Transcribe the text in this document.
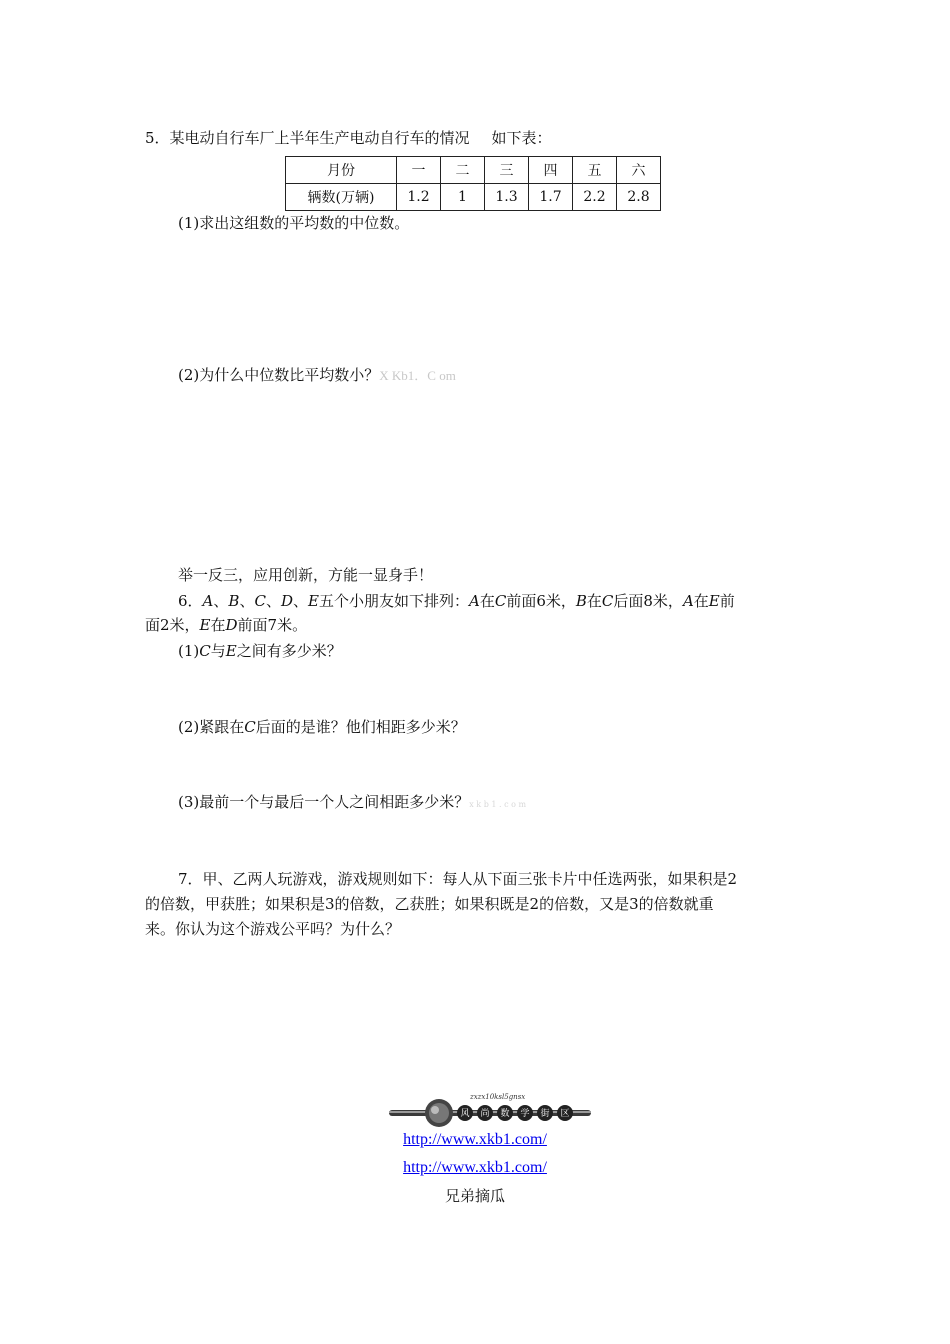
5．某电动自行车厂上半年生产电动自行车的情况 如下表：
月份	一	二	三	四	五	六
辆数(万辆)	1.2	1	1.3	1.7	2.2	2.8
(1)求出这组数的平均数的中位数。
(2)为什么中位数比平均数小？X Kb1．C om
举一反三，应用创新，方能一显身手！
6．A、B、C、D、E五个小朋友如下排列：A在C前面6米，B在C后面8米，A在E前
面2米，E在D前面7米。
(1)C与E之间有多少米？
(2)紧跟在C后面的是谁？他们相距多少米？
(3)最前一个与最后一个人之间相距多少米？x k b 1 . c o m
7．甲、乙两人玩游戏，游戏规则如下：每人从下面三张卡片中任选两张，如果积是2
的倍数，甲获胜；如果积是3的倍数，乙获胜；如果积既是2的倍数，又是3的倍数就重
来。你认为这个游戏公平吗？为什么？
zxzx10ksl5gnsx
风 尚 数 学 街 区
http://www.xkb1.com/
http://www.xkb1.com/
兄弟摘瓜
